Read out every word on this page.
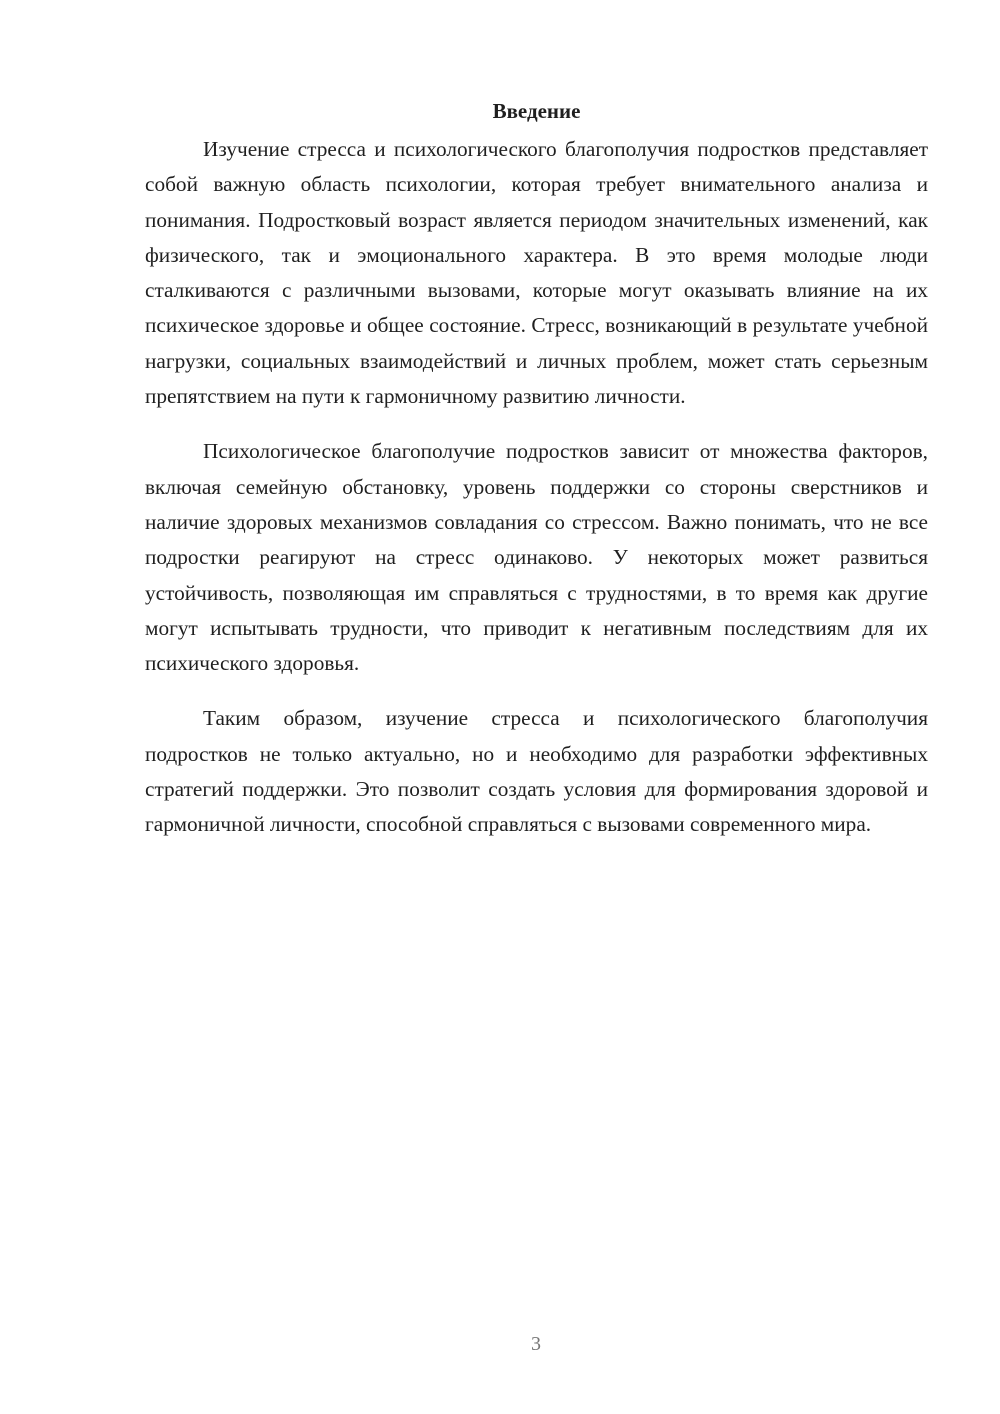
Введение

Изучение стресса и психологического благополучия подростков представляет собой важную область психологии, которая требует внимательного анализа и понимания. Подростковый возраст является периодом значительных изменений, как физического, так и эмоционального характера. В это время молодые люди сталкиваются с различными вызовами, которые могут оказывать влияние на их психическое здоровье и общее состояние. Стресс, возникающий в результате учебной нагрузки, социальных взаимодействий и личных проблем, может стать серьезным препятствием на пути к гармоничному развитию личности.

Психологическое благополучие подростков зависит от множества факторов, включая семейную обстановку, уровень поддержки со стороны сверстников и наличие здоровых механизмов совладания со стрессом. Важно понимать, что не все подростки реагируют на стресс одинаково. У некоторых может развиться устойчивость, позволяющая им справляться с трудностями, в то время как другие могут испытывать трудности, что приводит к негативным последствиям для их психического здоровья.

Таким образом, изучение стресса и психологического благополучия подростков не только актуально, но и необходимо для разработки эффективных стратегий поддержки. Это позволит создать условия для формирования здоровой и гармоничной личности, способной справляться с вызовами современного мира.

3
